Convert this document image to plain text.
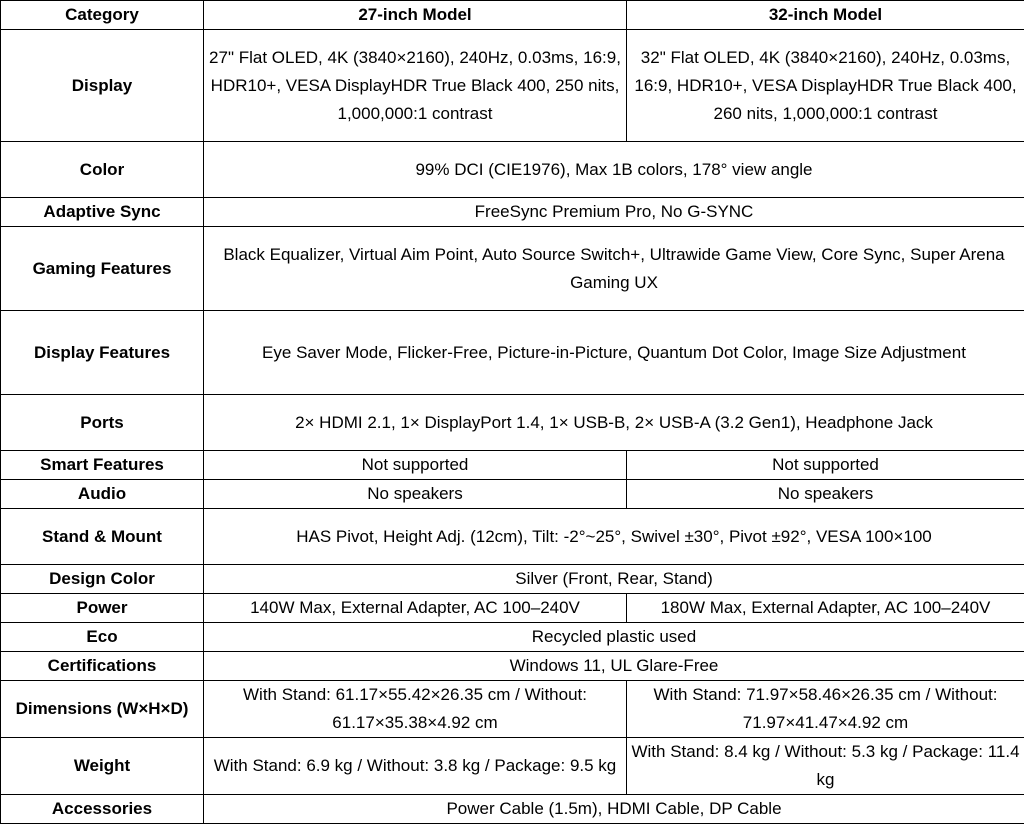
Category	27-inch Model	32-inch Model
Display	27" Flat OLED, 4K (3840×2160), 240Hz, 0.03ms, 16:9, HDR10+, VESA DisplayHDR True Black 400, 250 nits, 1,000,000:1 contrast	32" Flat OLED, 4K (3840×2160), 240Hz, 0.03ms, 16:9, HDR10+, VESA DisplayHDR True Black 400, 260 nits, 1,000,000:1 contrast
Color	99% DCI (CIE1976), Max 1B colors, 178° view angle	
Adaptive Sync	FreeSync Premium Pro, No G-SYNC	
Gaming Features	Black Equalizer, Virtual Aim Point, Auto Source Switch+, Ultrawide Game View, Core Sync, Super Arena Gaming UX	
Display Features	Eye Saver Mode, Flicker-Free, Picture-in-Picture, Quantum Dot Color, Image Size Adjustment	
Ports	2× HDMI 2.1, 1× DisplayPort 1.4, 1× USB-B, 2× USB-A (3.2 Gen1), Headphone Jack	
Smart Features	Not supported	Not supported
Audio	No speakers	No speakers
Stand & Mount	HAS Pivot, Height Adj. (12cm), Tilt: -2°~25°, Swivel ±30°, Pivot ±92°, VESA 100×100	
Design Color	Silver (Front, Rear, Stand)	
Power	140W Max, External Adapter, AC 100–240V	180W Max, External Adapter, AC 100–240V
Eco	Recycled plastic used	
Certifications	Windows 11, UL Glare-Free	
Dimensions (W×H×D)	With Stand: 61.17×55.42×26.35 cm / Without: 61.17×35.38×4.92 cm	With Stand: 71.97×58.46×26.35 cm / Without: 71.97×41.47×4.92 cm
Weight	With Stand: 6.9 kg / Without: 3.8 kg / Package: 9.5 kg	With Stand: 8.4 kg / Without: 5.3 kg / Package: 11.4 kg
Accessories	Power Cable (1.5m), HDMI Cable, DP Cable	
